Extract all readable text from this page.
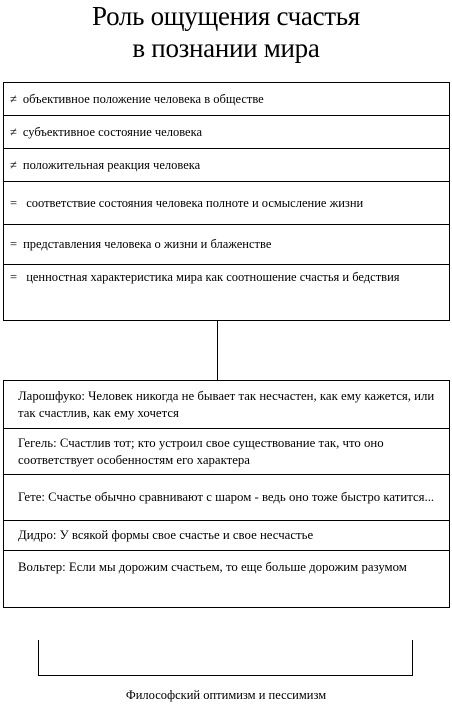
Роль ощущения счастья
в познании мира
≠ объективное положение человека в обществе
≠ субъективное состояние человека
≠ положительная реакция человека
= соответствие состояния человека полноте и осмысление жизни
= представления человека о жизни и блаженстве
= ценностная характеристика мира как соотношение счастья и бедствия
Ларошфуко: Человек никогда не бывает так несчастен, как ему кажется, или так счастлив, как ему хочется
Гегель: Счастлив тот; кто устроил свое существование так, что оно соответствует особенностям его характера
Гете: Счастье обычно сравнивают с шаром - ведь оно тоже быстро катится...
Дидро: У всякой формы свое счастье и свое несчастье
Вольтер: Если мы дорожим счастьем, то еще больше дорожим разумом
Философский оптимизм и пессимизм
